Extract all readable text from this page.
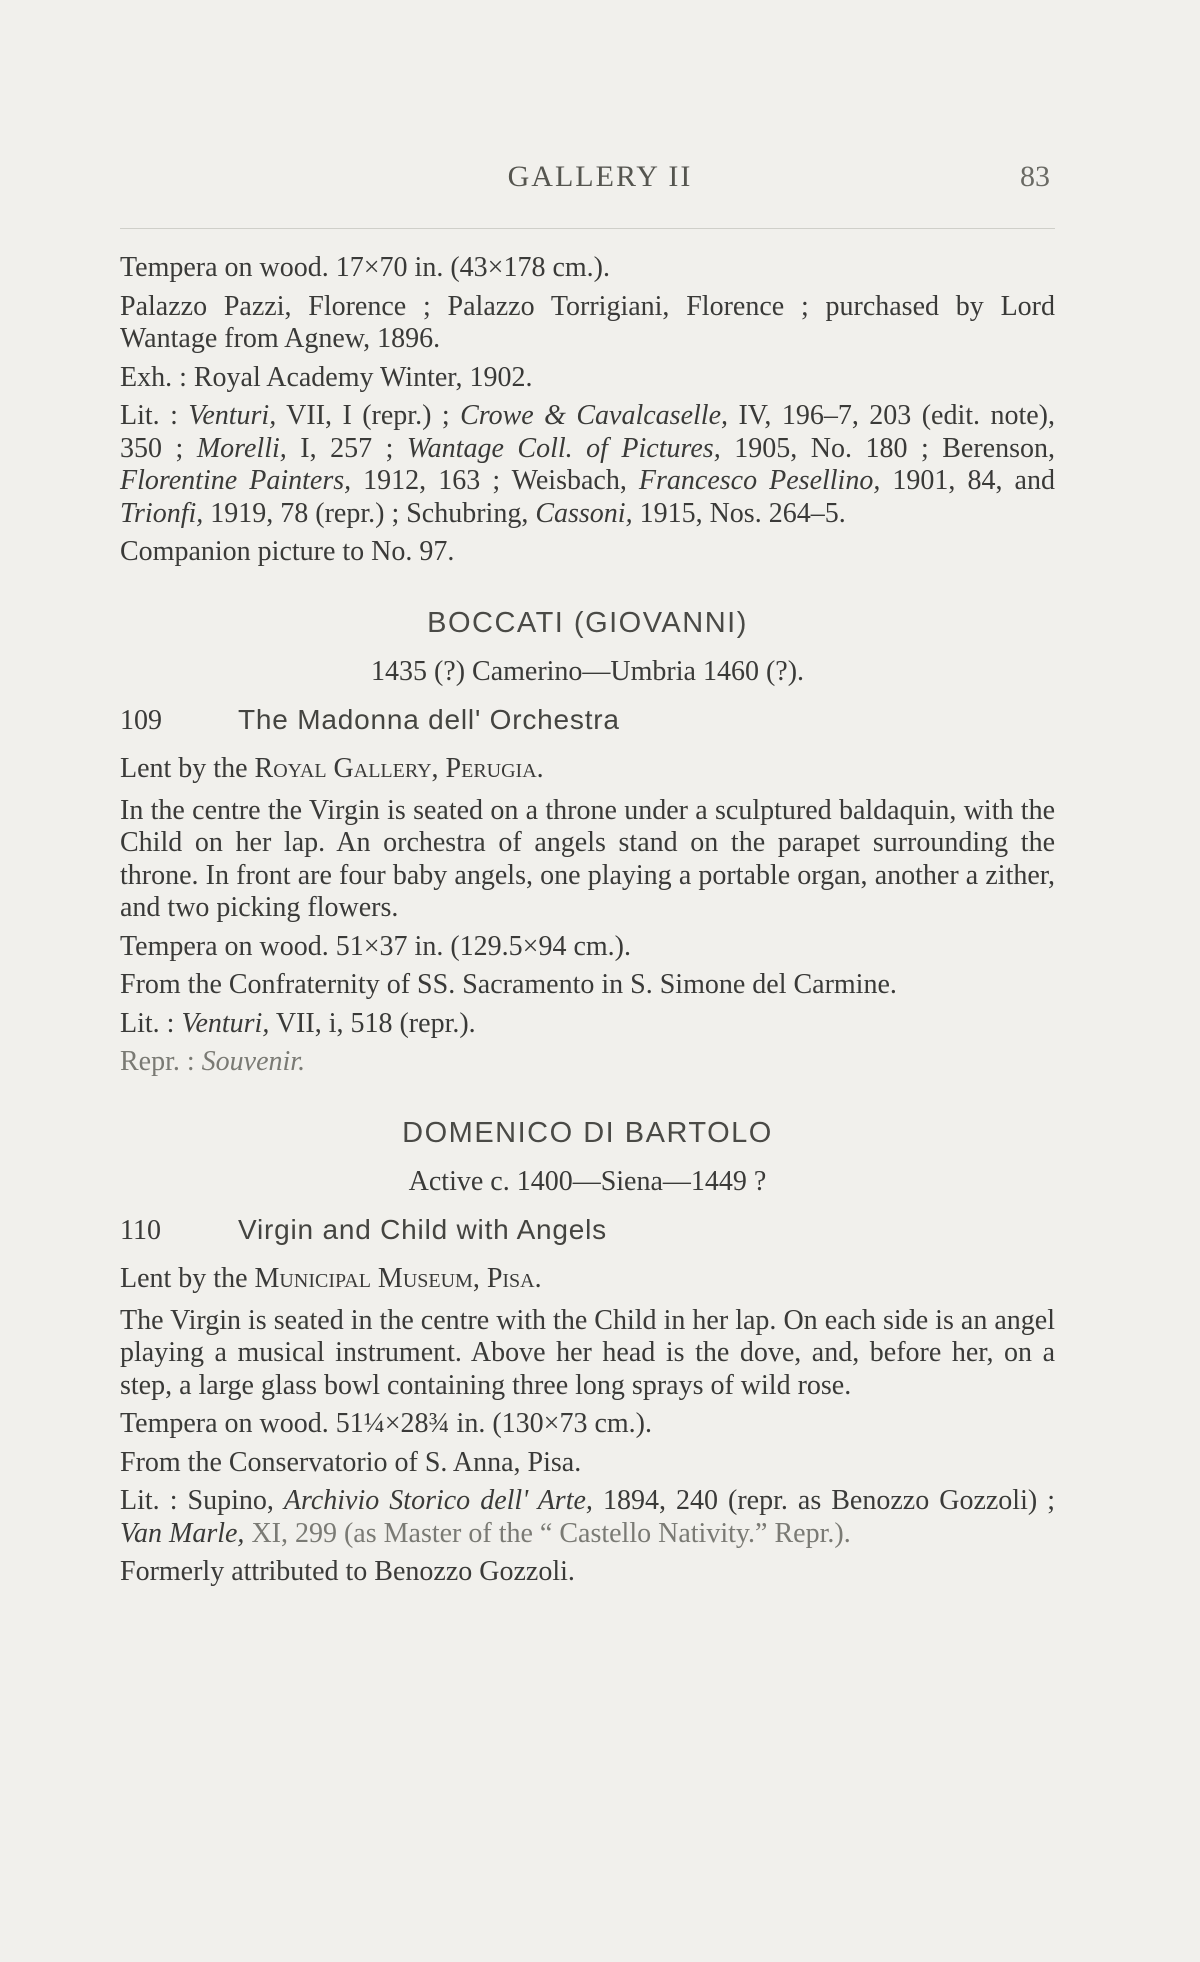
GALLERY II	83

Tempera on wood. 17×70 in. (43×178 cm.).

Palazzo Pazzi, Florence ; Palazzo Torrigiani, Florence ; purchased by Lord Wantage from Agnew, 1896.

Exh. : Royal Academy Winter, 1902.

Lit. : Venturi, VII, I (repr.) ; Crowe & Cavalcaselle, IV, 196–7, 203 (edit. note), 350 ; Morelli, I, 257 ; Wantage Coll. of Pictures, 1905, No. 180 ; Berenson, Florentine Painters, 1912, 163 ; Weisbach, Francesco Pesellino, 1901, 84, and Trionfi, 1919, 78 (repr.) ; Schubring, Cassoni, 1915, Nos. 264–5.

Companion picture to No. 97.

BOCCATI (GIOVANNI)
1435 (?) Camerino—Umbria 1460 (?).
109	The Madonna dell' Orchestra

Lent by the Royal Gallery, Perugia.

In the centre the Virgin is seated on a throne under a sculptured baldaquin, with the Child on her lap. An orchestra of angels stand on the parapet surrounding the throne. In front are four baby angels, one playing a portable organ, another a zither, and two picking flowers.

Tempera on wood. 51×37 in. (129.5×94 cm.).

From the Confraternity of SS. Sacramento in S. Simone del Carmine.

Lit. : Venturi, VII, i, 518 (repr.).

Repr. : Souvenir.

DOMENICO DI BARTOLO
Active c. 1400—Siena—1449 ?
110	Virgin and Child with Angels

Lent by the Municipal Museum, Pisa.

The Virgin is seated in the centre with the Child in her lap. On each side is an angel playing a musical instrument. Above her head is the dove, and, before her, on a step, a large glass bowl containing three long sprays of wild rose.

Tempera on wood. 51¼×28¾ in. (130×73 cm.).

From the Conservatorio of S. Anna, Pisa.

Lit. : Supino, Archivio Storico dell' Arte, 1894, 240 (repr. as Benozzo Gozzoli) ; Van Marle, XI, 299 (as Master of the “ Castello Nativity.” Repr.).

Formerly attributed to Benozzo Gozzoli.
